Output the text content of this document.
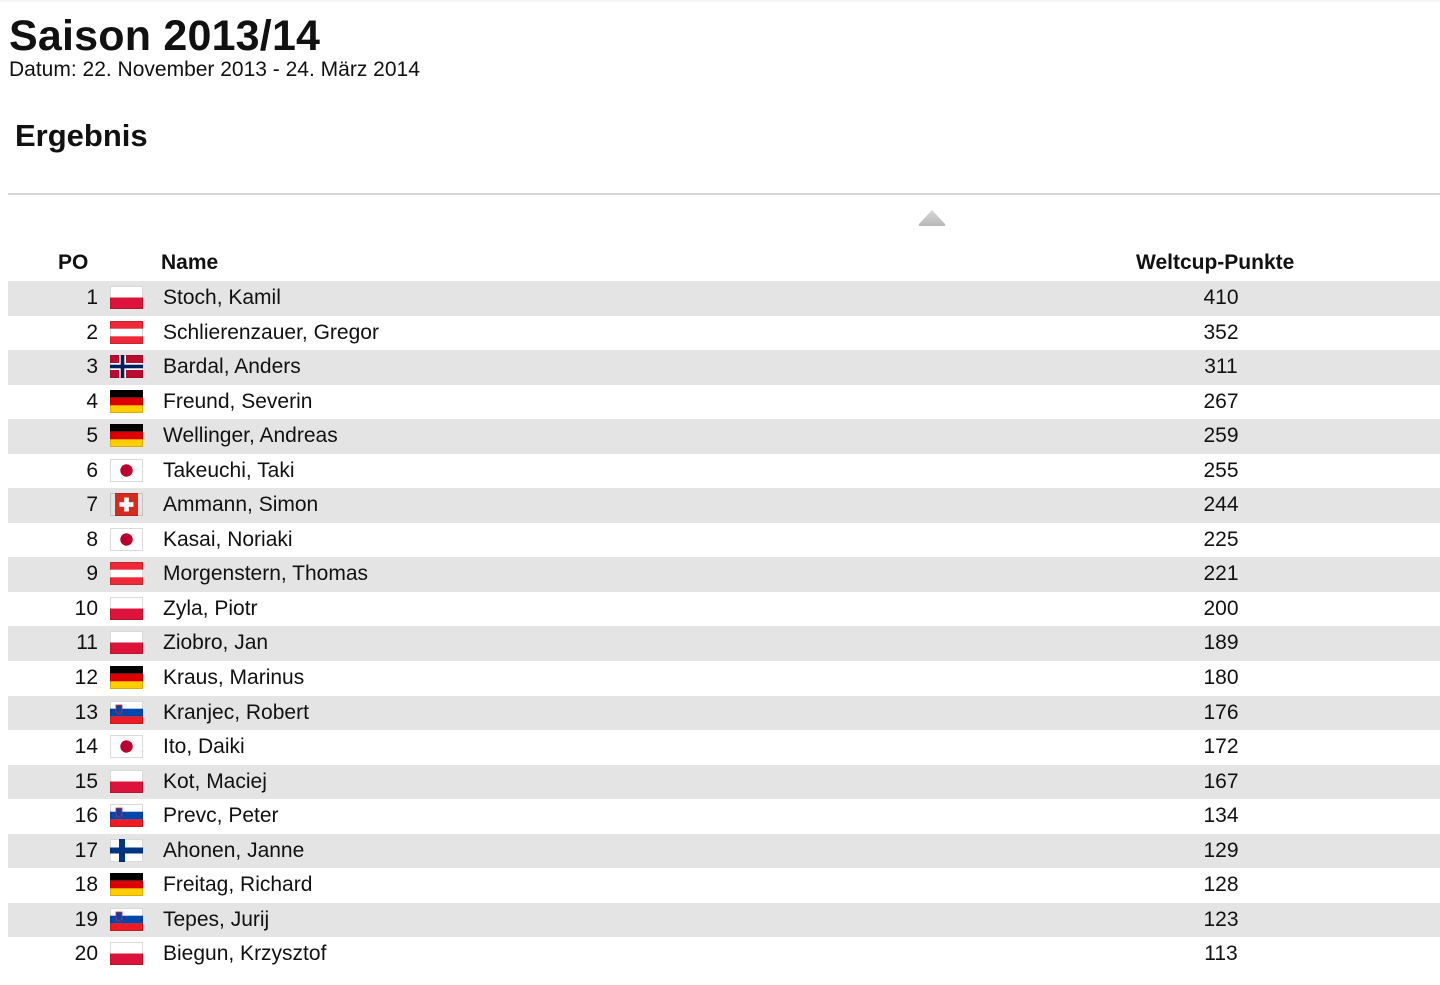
Saison 2013/14
Datum: 22. November 2013 - 24. März 2014
Ergebnis
PO	Name	Weltcup-Punkte
1	Stoch, Kamil	410
2	Schlierenzauer, Gregor	352
3	Bardal, Anders	311
4	Freund, Severin	267
5	Wellinger, Andreas	259
6	Takeuchi, Taki	255
7	Ammann, Simon	244
8	Kasai, Noriaki	225
9	Morgenstern, Thomas	221
10	Zyla, Piotr	200
11	Ziobro, Jan	189
12	Kraus, Marinus	180
13	Kranjec, Robert	176
14	Ito, Daiki	172
15	Kot, Maciej	167
16	Prevc, Peter	134
17	Ahonen, Janne	129
18	Freitag, Richard	128
19	Tepes, Jurij	123
20	Biegun, Krzysztof	113
